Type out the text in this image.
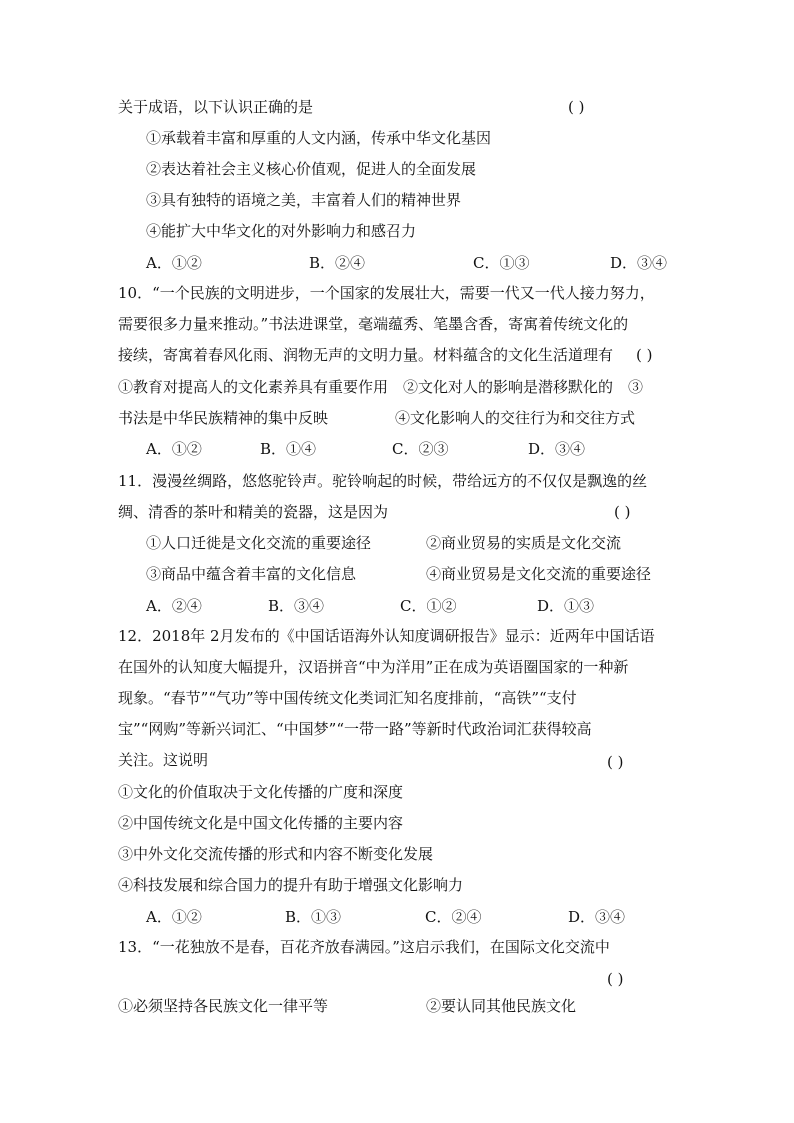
关于成语，以下认识正确的是	( )
①承载着丰富和厚重的人文内涵，传承中华文化基因
②表达着社会主义核心价值观，促进人的全面发展
③具有独特的语境之美，丰富着人们的精神世界
④能扩大中华文化的对外影响力和感召力
A．①②	B．②④	C．①③	D．③④
10．“一个民族的文明进步，一个国家的发展壮大，需要一代又一代人接力努力，
需要很多力量来推动。”书法进课堂，毫端蕴秀、笔墨含香，寄寓着传统文化的
接续，寄寓着春风化雨、润物无声的文明力量。材料蕴含的文化生活道理有 ( )
①教育对提高人的文化素养具有重要作用　②文化对人的影响是潜移默化的　③
书法是中华民族精神的集中反映	④文化影响人的交往行为和交往方式
A．①②	B．①④	C．②③	D．③④
11．漫漫丝绸路，悠悠驼铃声。驼铃响起的时候，带给远方的不仅仅是飘逸的丝
绸、清香的茶叶和精美的瓷器，这是因为	( )
①人口迁徙是文化交流的重要途径	②商业贸易的实质是文化交流
③商品中蕴含着丰富的文化信息	④商业贸易是文化交流的重要途径
A．②④	B．③④	C．①②	D．①③
12．2018年 2月发布的《中国话语海外认知度调研报告》显示：近两年中国话语
在国外的认知度大幅提升，汉语拼音“中为洋用”正在成为英语圈国家的一种新
现象。“春节”“气功”等中国传统文化类词汇知名度排前，“高铁”“支付
宝”“网购”等新兴词汇、“中国梦”“一带一路”等新时代政治词汇获得较高
关注。这说明	( )
①文化的价值取决于文化传播的广度和深度
②中国传统文化是中国文化传播的主要内容
③中外文化交流传播的形式和内容不断变化发展
④科技发展和综合国力的提升有助于增强文化影响力
A．①②	B．①③	C．②④	D．③④
13．“一花独放不是春，百花齐放春满园。”这启示我们，在国际文化交流中
( )
①必须坚持各民族文化一律平等	②要认同其他民族文化
